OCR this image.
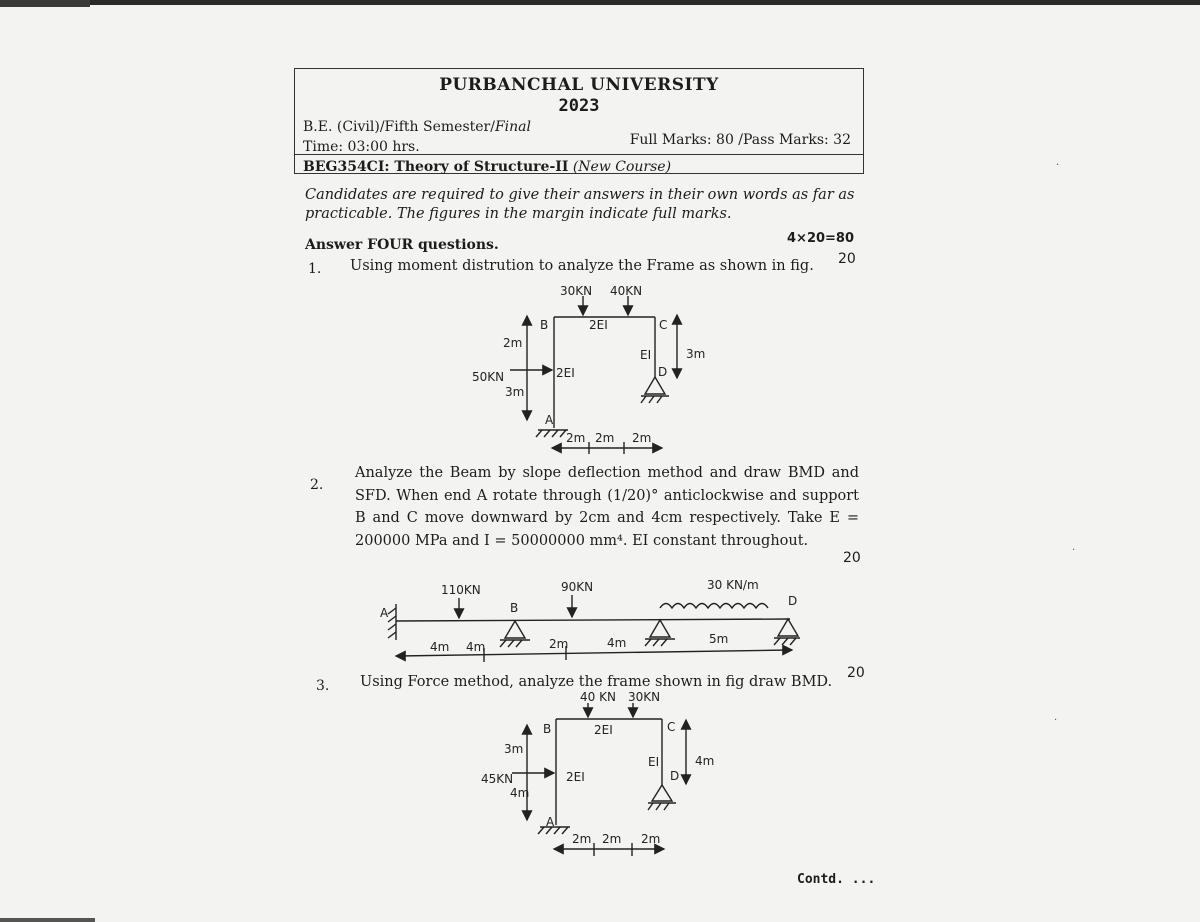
·
·
·
PURBANCHAL UNIVERSITY
2023
B.E. (Civil)/Fifth Semester/Final
Time: 03:00 hrs.	Full Marks: 80 /Pass Marks: 32
BEG354CI: Theory of Structure-II (New Course)
Candidates are required to give their answers in their own words as far as practicable. The figures in the margin indicate full marks.
Answer FOUR questions.	4×20=80
1. Using moment distrution to analyze the Frame as shown in fig. 20
2.
Analyze the Beam by slope deflection method and draw BMD and SFD. When end A rotate through (1/20)° anticlockwise and support B and C move downward by 2cm and 4cm respectively. Take E = 200000 MPa and I = 50000000 mm⁴. EI constant throughout.
20
3. Using Force method, analyze the frame shown in fig draw BMD.
20
Contd. ...
30KN 40KN
50KN
A
B	C
D
2EI
2EI
EI
2m
3m
3m
2m 2m 2m
110KN	90KN	30 KN/m
A	B	D
4m 4m	2m	4m	5m
40 KN 30KN
45KN
A
B	C
D
2EI
2EI
EI
3m
4m
4m
2m 2m 2m
